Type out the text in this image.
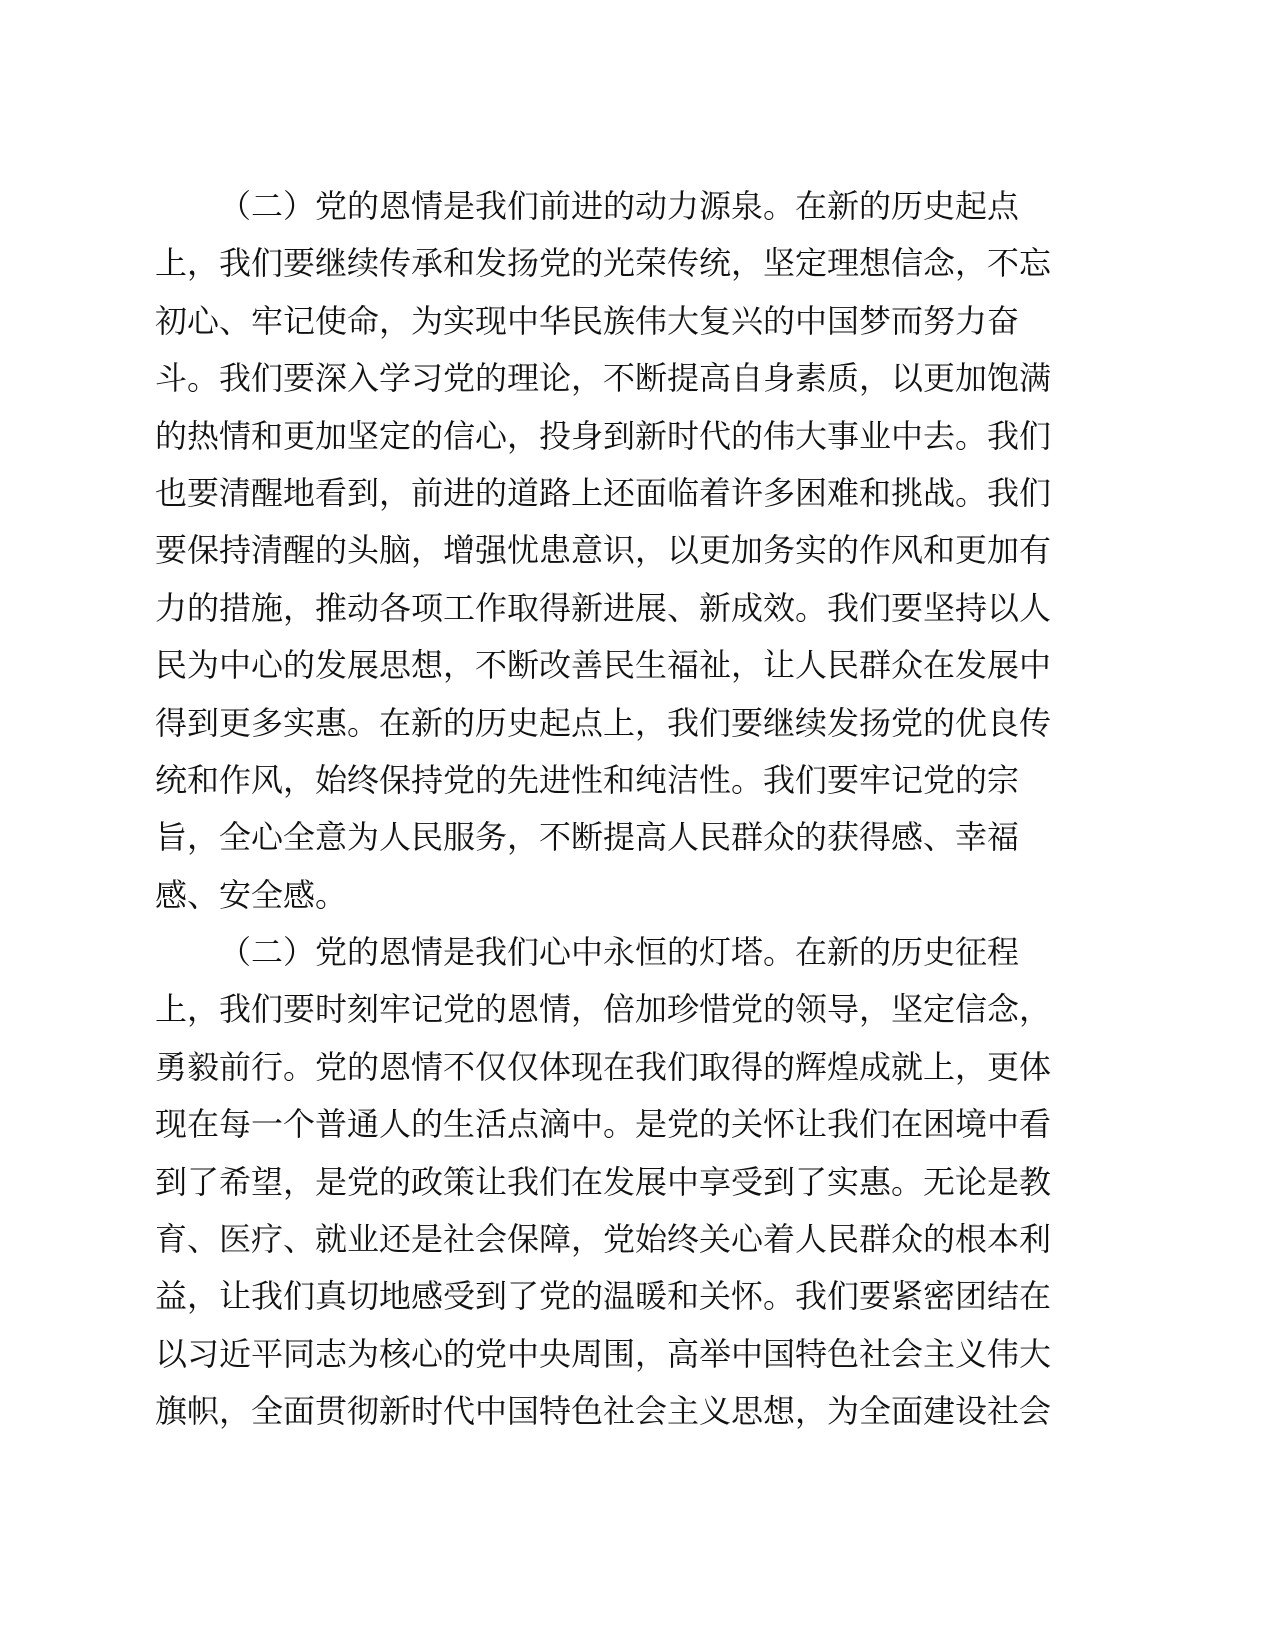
（二）党的恩情是我们前进的动力源泉。在新的历史起点
上，我们要继续传承和发扬党的光荣传统，坚定理想信念，不忘
初心、牢记使命，为实现中华民族伟大复兴的中国梦而努力奋
斗。我们要深入学习党的理论，不断提高自身素质，以更加饱满
的热情和更加坚定的信心，投身到新时代的伟大事业中去。我们
也要清醒地看到，前进的道路上还面临着许多困难和挑战。我们
要保持清醒的头脑，增强忧患意识，以更加务实的作风和更加有
力的措施，推动各项工作取得新进展、新成效。我们要坚持以人
民为中心的发展思想，不断改善民生福祉，让人民群众在发展中
得到更多实惠。在新的历史起点上，我们要继续发扬党的优良传
统和作风，始终保持党的先进性和纯洁性。我们要牢记党的宗
旨，全心全意为人民服务，不断提高人民群众的获得感、幸福
感、安全感。
（二）党的恩情是我们心中永恒的灯塔。在新的历史征程
上，我们要时刻牢记党的恩情，倍加珍惜党的领导，坚定信念，
勇毅前行。党的恩情不仅仅体现在我们取得的辉煌成就上，更体
现在每一个普通人的生活点滴中。是党的关怀让我们在困境中看
到了希望，是党的政策让我们在发展中享受到了实惠。无论是教
育、医疗、就业还是社会保障，党始终关心着人民群众的根本利
益，让我们真切地感受到了党的温暖和关怀。我们要紧密团结在
以习近平同志为核心的党中央周围，高举中国特色社会主义伟大
旗帜，全面贯彻新时代中国特色社会主义思想，为全面建设社会
